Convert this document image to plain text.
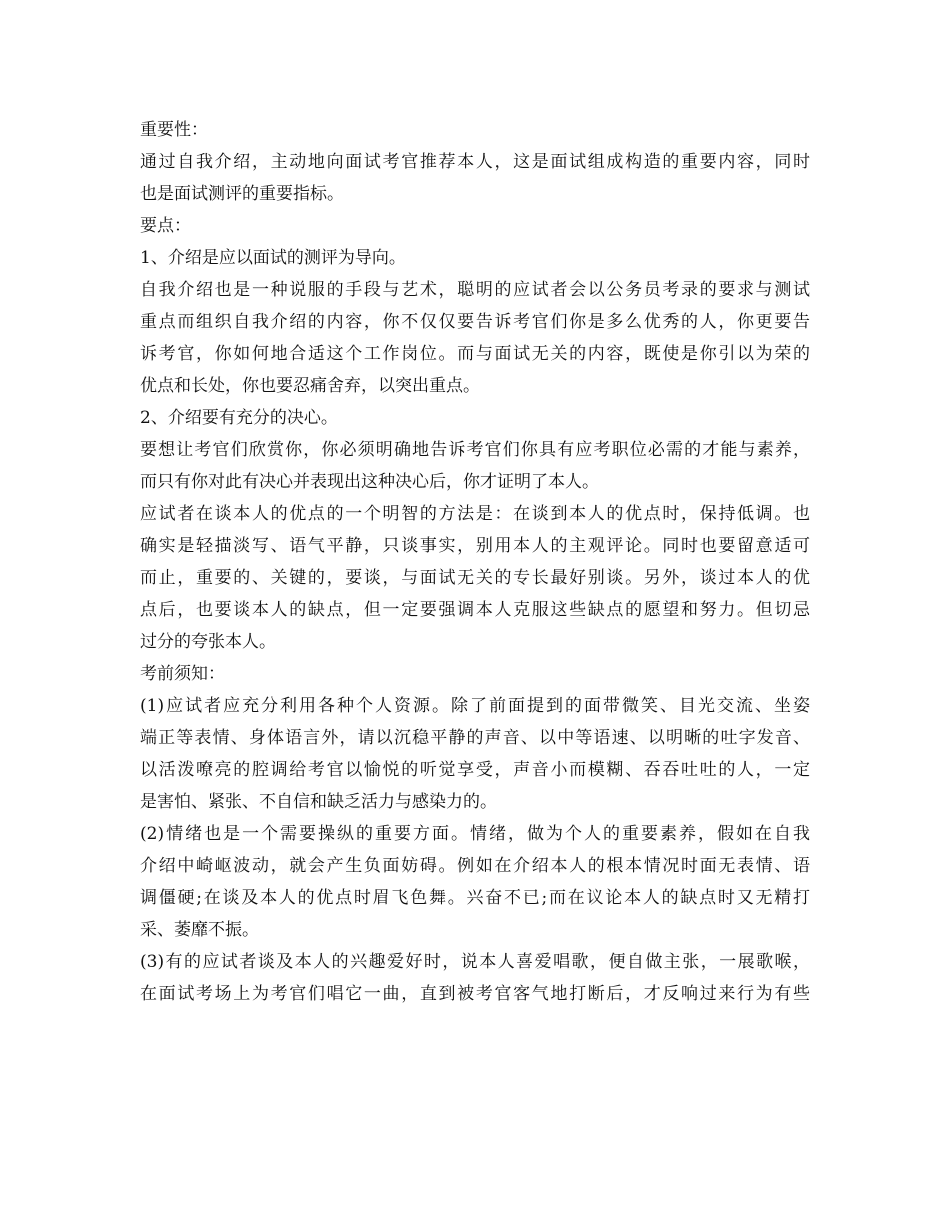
重要性：
通过自我介绍，主动地向面试考官推荐本人，这是面试组成构造的重要内容，同时
也是面试测评的重要指标。
要点：
1、介绍是应以面试的测评为导向。
自我介绍也是一种说服的手段与艺术，聪明的应试者会以公务员考录的要求与测试
重点而组织自我介绍的内容，你不仅仅要告诉考官们你是多么优秀的人，你更要告
诉考官，你如何地合适这个工作岗位。而与面试无关的内容，既使是你引以为荣的
优点和长处，你也要忍痛舍弃，以突出重点。
2、介绍要有充分的决心。
要想让考官们欣赏你，你必须明确地告诉考官们你具有应考职位必需的才能与素养，
而只有你对此有决心并表现出这种决心后，你才证明了本人。
应试者在谈本人的优点的一个明智的方法是：在谈到本人的优点时，保持低调。也
确实是轻描淡写、语气平静，只谈事实，别用本人的主观评论。同时也要留意适可
而止，重要的、关键的，要谈，与面试无关的专长最好别谈。另外，谈过本人的优
点后，也要谈本人的缺点，但一定要强调本人克服这些缺点的愿望和努力。但切忌
过分的夸张本人。
考前须知：
(1)应试者应充分利用各种个人资源。除了前面提到的面带微笑、目光交流、坐姿
端正等表情、身体语言外，请以沉稳平静的声音、以中等语速、以明晰的吐字发音、
以活泼嘹亮的腔调给考官以愉悦的听觉享受，声音小而模糊、吞吞吐吐的人，一定
是害怕、紧张、不自信和缺乏活力与感染力的。
(2)情绪也是一个需要操纵的重要方面。情绪，做为个人的重要素养，假如在自我
介绍中崎岖波动，就会产生负面妨碍。例如在介绍本人的根本情况时面无表情、语
调僵硬;在谈及本人的优点时眉飞色舞。兴奋不已;而在议论本人的缺点时又无精打
采、萎靡不振。
(3)有的应试者谈及本人的兴趣爱好时，说本人喜爱唱歌，便自做主张，一展歌喉，
在面试考场上为考官们唱它一曲，直到被考官客气地打断后，才反响过来行为有些
